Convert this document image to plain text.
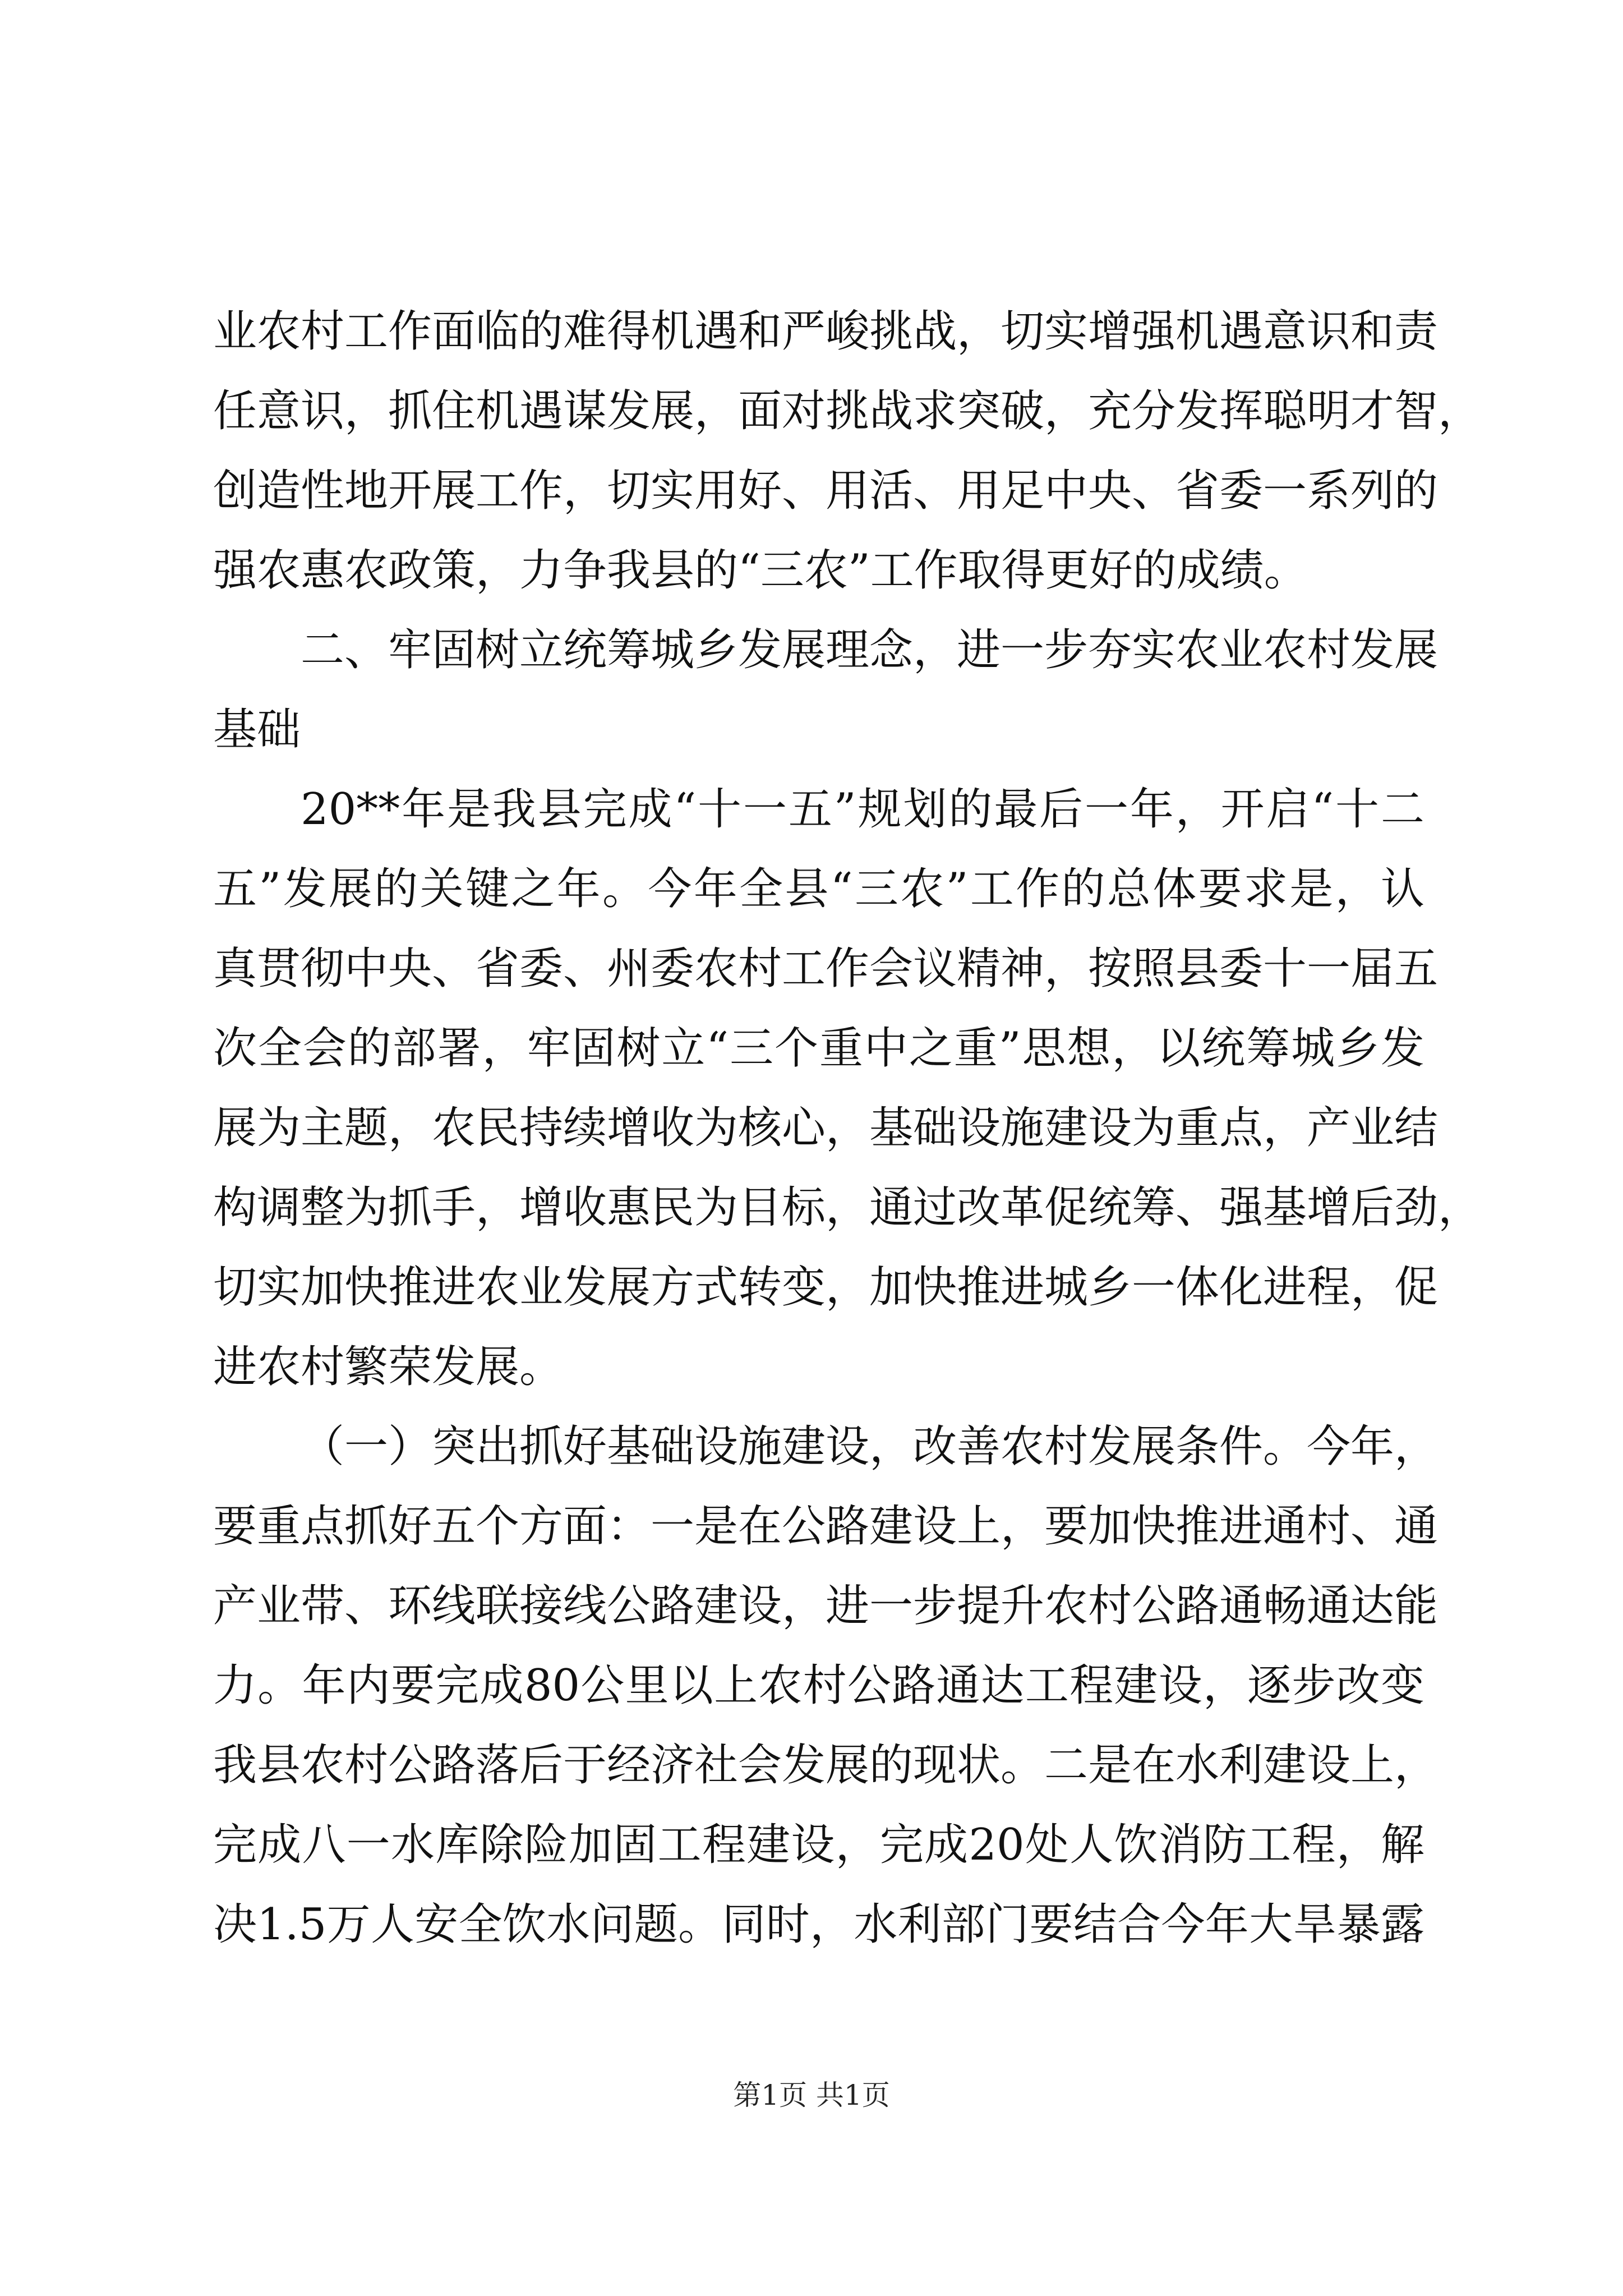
业农村工作面临的难得机遇和严峻挑战，切实增强机遇意识和责
任意识，抓住机遇谋发展，面对挑战求突破，充分发挥聪明才智，
创造性地开展工作，切实用好、用活、用足中央、省委一系列的
强农惠农政策，力争我县的“三农”工作取得更好的成绩。
二、牢固树立统筹城乡发展理念，进一步夯实农业农村发展
基础
20**年是我县完成“十一五”规划的最后一年，开启“十二
五”发展的关键之年。今年全县“三农”工作的总体要求是，认
真贯彻中央、省委、州委农村工作会议精神，按照县委十一届五
次全会的部署，牢固树立“三个重中之重”思想，以统筹城乡发
展为主题，农民持续增收为核心，基础设施建设为重点，产业结
构调整为抓手，增收惠民为目标，通过改革促统筹、强基增后劲，
切实加快推进农业发展方式转变，加快推进城乡一体化进程，促
进农村繁荣发展。
（一）突出抓好基础设施建设，改善农村发展条件。今年，
要重点抓好五个方面：一是在公路建设上，要加快推进通村、通
产业带、环线联接线公路建设，进一步提升农村公路通畅通达能
力。年内要完成80公里以上农村公路通达工程建设，逐步改变
我县农村公路落后于经济社会发展的现状。二是在水利建设上，
完成八一水库除险加固工程建设，完成20处人饮消防工程，解
决1.5万人安全饮水问题。同时，水利部门要结合今年大旱暴露
第1页 共1页
